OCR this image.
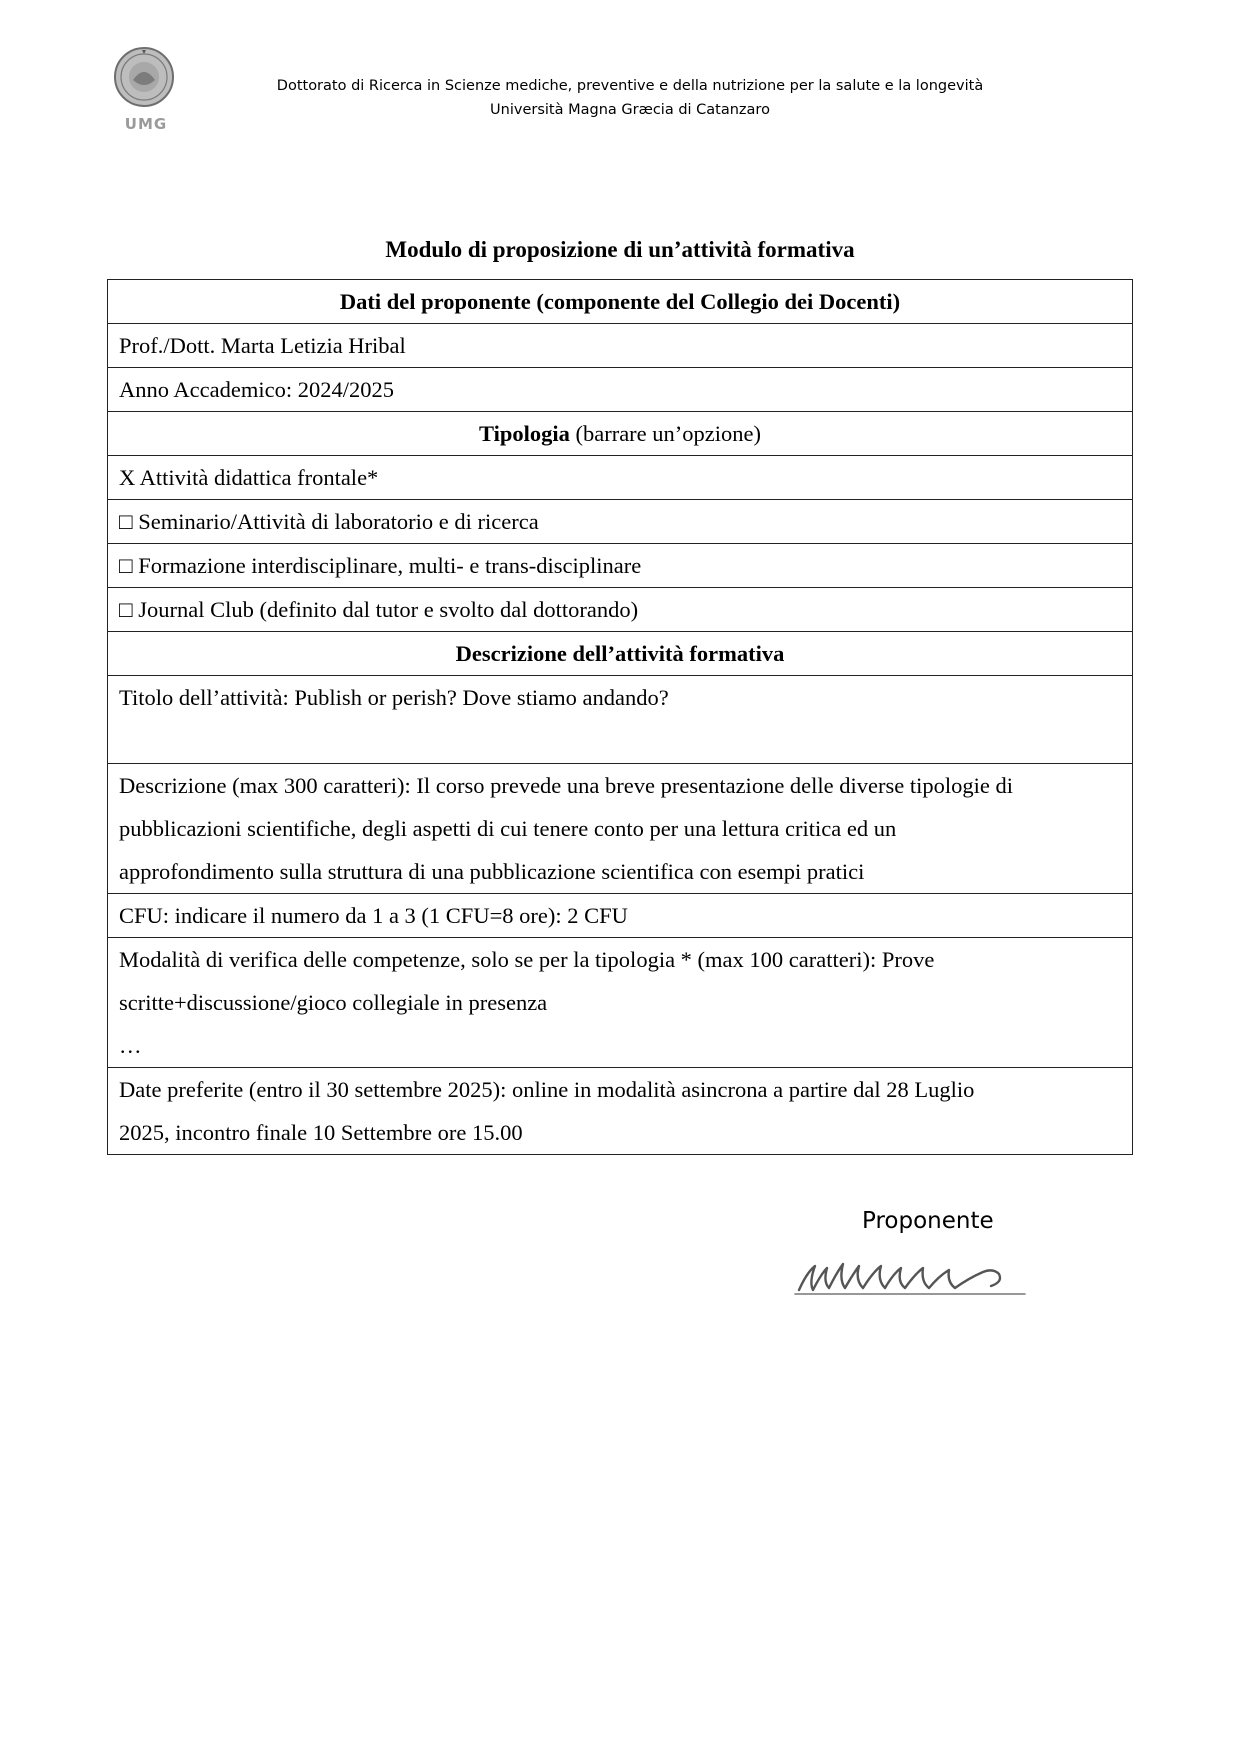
UMG
Dottorato di Ricerca in Scienze mediche, preventive e della nutrizione per la salute e la longevità
Università Magna Græcia di Catanzaro
Modulo di proposizione di un’attività formativa
Dati del proponente (componente del Collegio dei Docenti)
Prof./Dott. Marta Letizia Hribal
Anno Accademico: 2024/2025
Tipologia (barrare un’opzione)
X Attività didattica frontale*
□ Seminario/Attività di laboratorio e di ricerca
□ Formazione interdisciplinare, multi- e trans-disciplinare
□ Journal Club (definito dal tutor e svolto dal dottorando)
Descrizione dell’attività formativa
Titolo dell’attività: Publish or perish? Dove stiamo andando?

Descrizione (max 300 caratteri): Il corso prevede una breve presentazione delle diverse tipologie di
pubblicazioni scientifiche, degli aspetti di cui tenere conto per una lettura critica ed un
approfondimento sulla struttura di una pubblicazione scientifica con esempi pratici

CFU: indicare il numero da 1 a 3 (1 CFU=8 ore): 2 CFU

Modalità di verifica delle competenze, solo se per la tipologia * (max 100 caratteri): Prove
scritte+discussione/gioco collegiale in presenza
…

Date preferite (entro il 30 settembre 2025): online in modalità asincrona a partire dal 28 Luglio
2025, incontro finale 10 Settembre ore 15.00
Proponente
